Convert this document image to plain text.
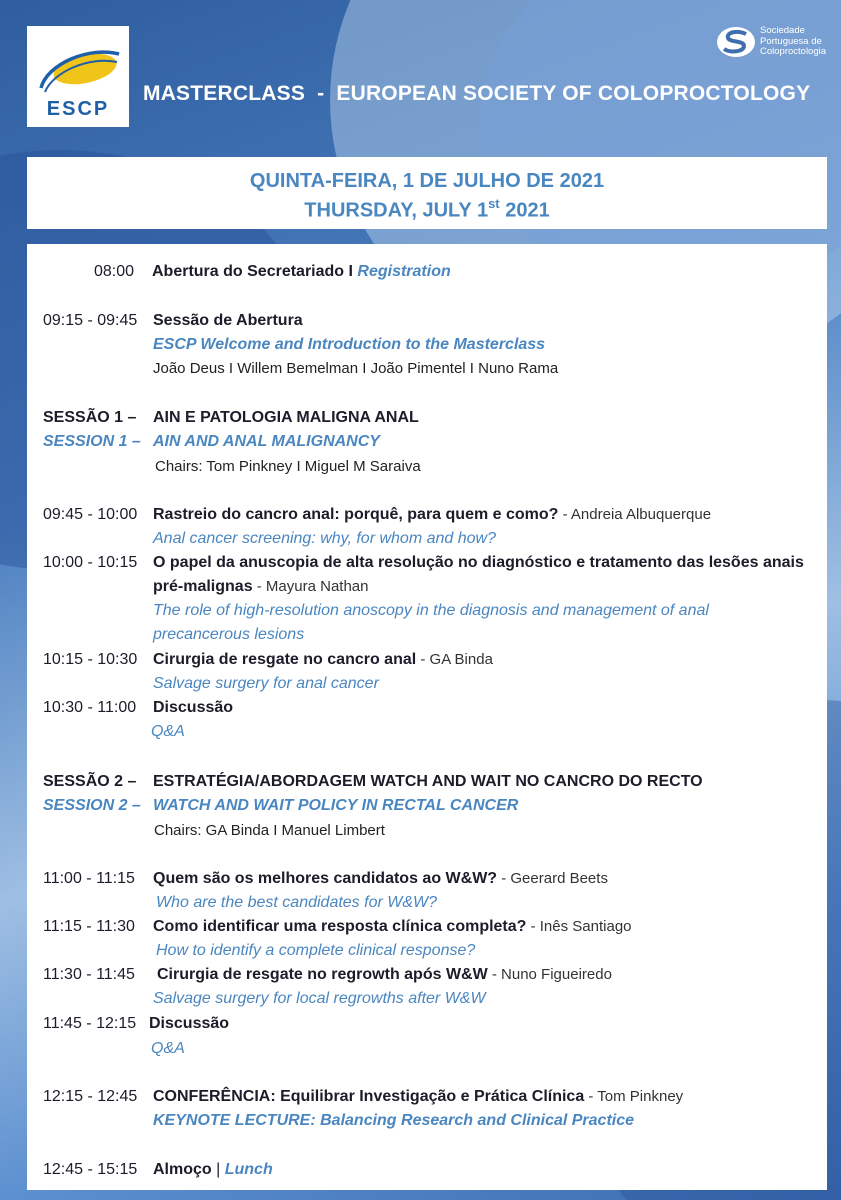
ESCP
MASTERCLASS  -  EUROPEAN SOCIETY OF COLOPROCTOLOGY
Sociedade
Portuguesa de
Coloproctologia
QUINTA-FEIRA, 1 DE JULHO DE 2021
THURSDAY, JULY 1st 2021
08:00 Abertura do Secretariado I Registration
09:15 - 09:45 Sessão de Abertura
ESCP Welcome and Introduction to the Masterclass
João Deus I Willem Bemelman I João Pimentel I Nuno Rama
SESSÃO 1 – AIN E PATOLOGIA MALIGNA ANAL
SESSION 1 – AIN AND ANAL MALIGNANCY
Chairs: Tom Pinkney I Miguel M Saraiva
09:45 - 10:00 Rastreio do cancro anal: porquê, para quem e como? - Andreia Albuquerque
Anal cancer screening: why, for whom and how?
10:00 - 10:15 O papel da anuscopia de alta resolução no diagnóstico e tratamento das lesões anais
pré-malignas - Mayura Nathan
The role of high-resolution anoscopy in the diagnosis and management of anal
precancerous lesions
10:15 - 10:30 Cirurgia de resgate no cancro anal - GA Binda
Salvage surgery for anal cancer
10:30 - 11:00 Discussão
Q&A
SESSÃO 2 – ESTRATÉGIA/ABORDAGEM WATCH AND WAIT NO CANCRO DO RECTO
SESSION 2 – WATCH AND WAIT POLICY IN RECTAL CANCER
Chairs: GA Binda I Manuel Limbert
11:00 - 11:15 Quem são os melhores candidatos ao W&W? - Geerard Beets
Who are the best candidates for W&W?
11:15 - 11:30 Como identificar uma resposta clínica completa? - Inês Santiago
How to identify a complete clinical response?
11:30 - 11:45 Cirurgia de resgate no regrowth após W&W - Nuno Figueiredo
Salvage surgery for local regrowths after W&W
11:45 - 12:15 Discussão
Q&A
12:15 - 12:45 CONFERÊNCIA: Equilibrar Investigação e Prática Clínica - Tom Pinkney
KEYNOTE LECTURE: Balancing Research and Clinical Practice
12:45 - 15:15 Almoço | Lunch
